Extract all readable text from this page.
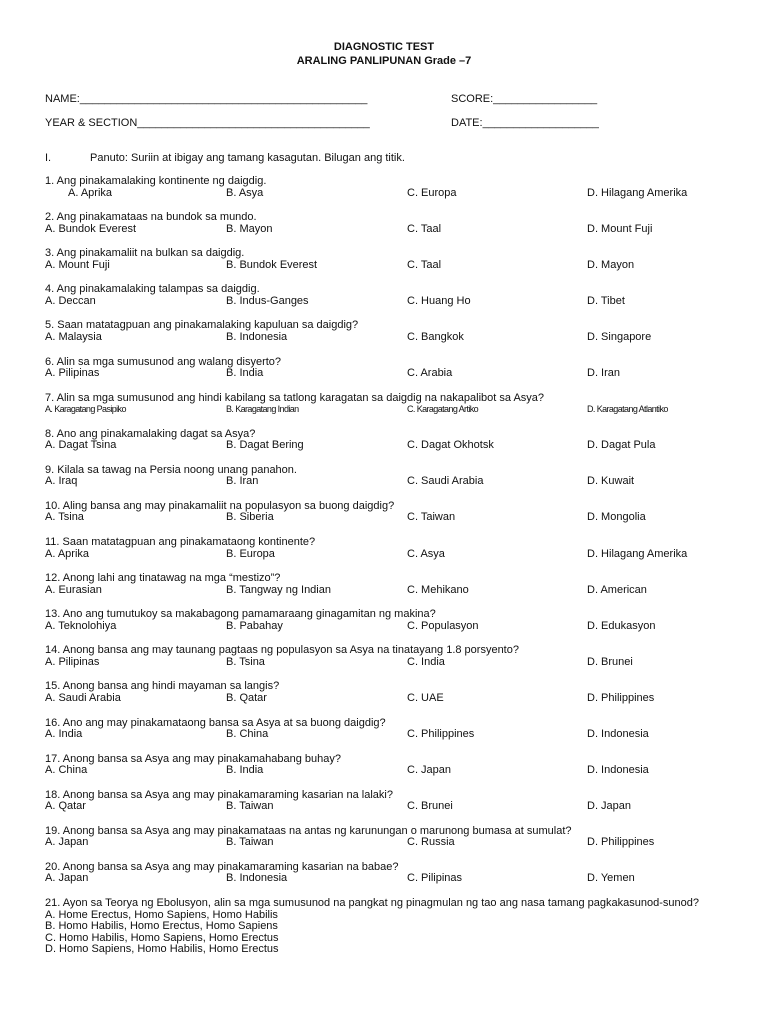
DIAGNOSTIC TEST
ARALING PANLIPUNAN Grade –7
NAME:_______________________________________________	SCORE:_________________
YEAR & SECTION______________________________________	DATE:___________________
I.	Panuto: Suriin at ibigay ang tamang kasagutan. Bilugan ang titik.
1. Ang pinakamalaking kontinente ng daigdig.
A. Aprika	B. Asya	C. Europa	D. Hilagang Amerika
2. Ang pinakamataas na bundok sa mundo.
A. Bundok Everest	B. Mayon	C. Taal	D. Mount Fuji
3. Ang pinakamaliit na bulkan sa daigdig.
A. Mount Fuji	B. Bundok Everest	C. Taal	D. Mayon
4. Ang pinakamalaking talampas sa daigdig.
A. Deccan	B. Indus-Ganges	C. Huang Ho	D. Tibet
5. Saan matatagpuan ang pinakamalaking kapuluan sa daigdig?
A. Malaysia	B. Indonesia	C. Bangkok	D. Singapore
6. Alin sa mga sumusunod ang walang disyerto?
A. Pilipinas	B. India	C. Arabia	D. Iran
7. Alin sa mga sumusunod ang hindi kabilang sa tatlong karagatan sa daigdig na nakapalibot sa Asya?
A. Karagatang Pasipiko	B. Karagatang Indian	C. Karagatang Artiko	D. Karagatang Atlantiko
8. Ano ang pinakamalaking dagat sa Asya?
A. Dagat Tsina	B. Dagat Bering	C. Dagat Okhotsk	D. Dagat Pula
9. Kilala sa tawag na Persia noong unang panahon.
A. Iraq	B. Iran	C. Saudi Arabia	D. Kuwait
10. Aling bansa ang may pinakamaliit na populasyon sa buong daigdig?
A. Tsina	B. Siberia	C. Taiwan	D. Mongolia
11. Saan matatagpuan ang pinakamataong kontinente?
A. Aprika	B. Europa	C. Asya	D. Hilagang Amerika
12. Anong lahi ang tinatawag na mga “mestizo”?
A. Eurasian	B. Tangway ng Indian	C. Mehikano	D. American
13. Ano ang tumutukoy sa makabagong pamamaraang ginagamitan ng makina?
A. Teknolohiya	B. Pabahay	C. Populasyon	D. Edukasyon
14. Anong bansa ang may taunang pagtaas ng populasyon sa Asya na tinatayang 1.8 porsyento?
A. Pilipinas	B. Tsina	C. India	D. Brunei
15. Anong bansa ang hindi mayaman sa langis?
A. Saudi Arabia	B. Qatar	C. UAE	D. Philippines
16. Ano ang may pinakamataong bansa sa Asya at sa buong daigdig?
A. India	B. China	C. Philippines	D. Indonesia
17. Anong bansa sa Asya ang may pinakamahabang buhay?
A. China	B. India	C. Japan	D. Indonesia
18. Anong bansa sa Asya ang may pinakamaraming kasarian na lalaki?
A. Qatar	B. Taiwan	C. Brunei	D. Japan
19. Anong bansa sa Asya ang may pinakamataas na antas ng karunungan o marunong bumasa at sumulat?
A. Japan	B. Taiwan	C. Russia	D. Philippines
20. Anong bansa sa Asya ang may pinakamaraming kasarian na babae?
A. Japan	B. Indonesia	C. Pilipinas	D. Yemen
21. Ayon sa Teorya ng Ebolusyon, alin sa mga sumusunod na pangkat ng pinagmulan ng tao ang nasa tamang pagkakasunod-sunod?
A. Home Erectus, Homo Sapiens, Homo Habilis
B. Homo Habilis, Homo Erectus, Homo Sapiens
C. Homo Habilis, Homo Sapiens, Homo Erectus
D. Homo Sapiens, Homo Habilis, Homo Erectus
